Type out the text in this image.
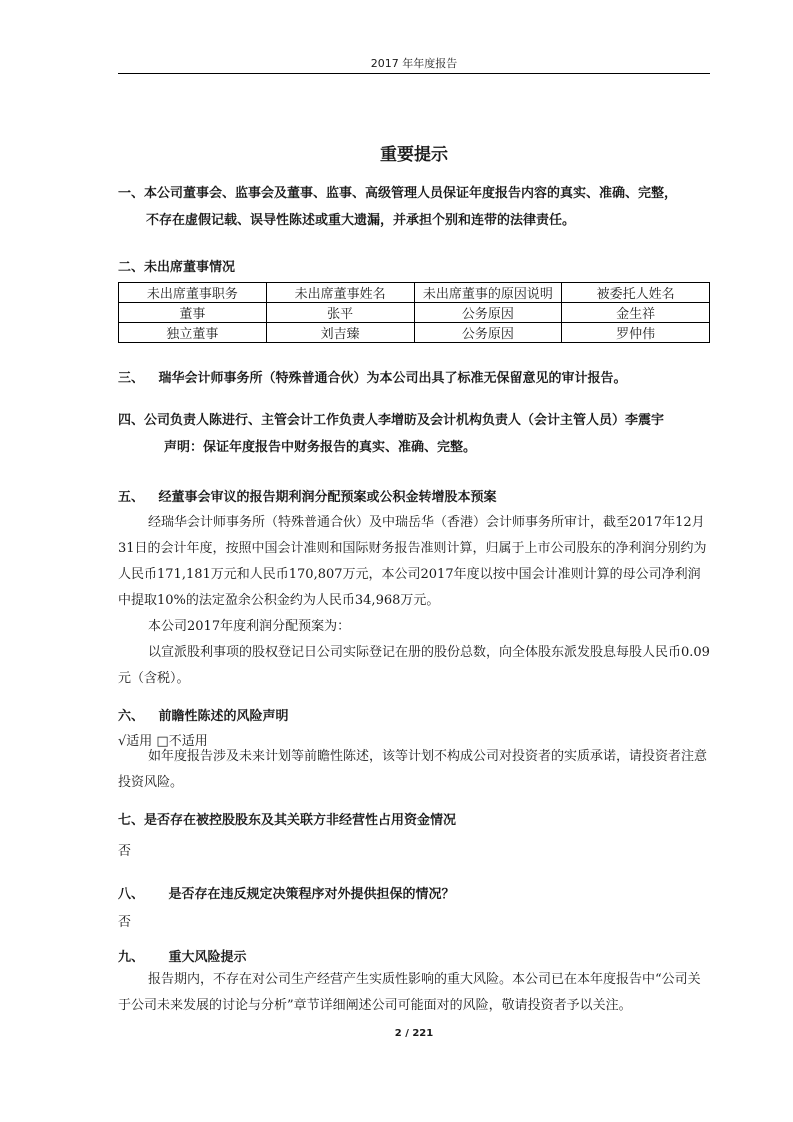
2017 年年度报告
重要提示
一、本公司董事会、监事会及董事、监事、高级管理人员保证年度报告内容的真实、准确、完整，
不存在虚假记载、误导性陈述或重大遗漏，并承担个别和连带的法律责任。
二、未出席董事情况
未出席董事职务	未出席董事姓名	未出席董事的原因说明	被委托人姓名
董事	张平	公务原因	金生祥
独立董事	刘吉臻	公务原因	罗仲伟
三、 瑞华会计师事务所（特殊普通合伙）为本公司出具了标准无保留意见的审计报告。
四、公司负责人陈进行、主管会计工作负责人李增昉及会计机构负责人（会计主管人员）李震宇
声明：保证年度报告中财务报告的真实、准确、完整。
五、 经董事会审议的报告期利润分配预案或公积金转增股本预案
经瑞华会计师事务所（特殊普通合伙）及中瑞岳华（香港）会计师事务所审计，截至2017年12月31日的会计年度，按照中国会计准则和国际财务报告准则计算，归属于上市公司股东的净利润分别约为人民币171,181万元和人民币170,807万元，本公司2017年度以按中国会计准则计算的母公司净利润中提取10%的法定盈余公积金约为人民币34,968万元。
本公司2017年度利润分配预案为：
以宣派股利事项的股权登记日公司实际登记在册的股份总数，向全体股东派发股息每股人民币0.09元（含税）。
六、 前瞻性陈述的风险声明
√适用 □不适用
如年度报告涉及未来计划等前瞻性陈述，该等计划不构成公司对投资者的实质承诺，请投资者注意投资风险。
七、是否存在被控股股东及其关联方非经营性占用资金情况
否
八、 是否存在违反规定决策程序对外提供担保的情况？
否
九、 重大风险提示
报告期内，不存在对公司生产经营产生实质性影响的重大风险。本公司已在本年度报告中“公司关于公司未来发展的讨论与分析”章节详细阐述公司可能面对的风险，敬请投资者予以关注。
2 / 221
